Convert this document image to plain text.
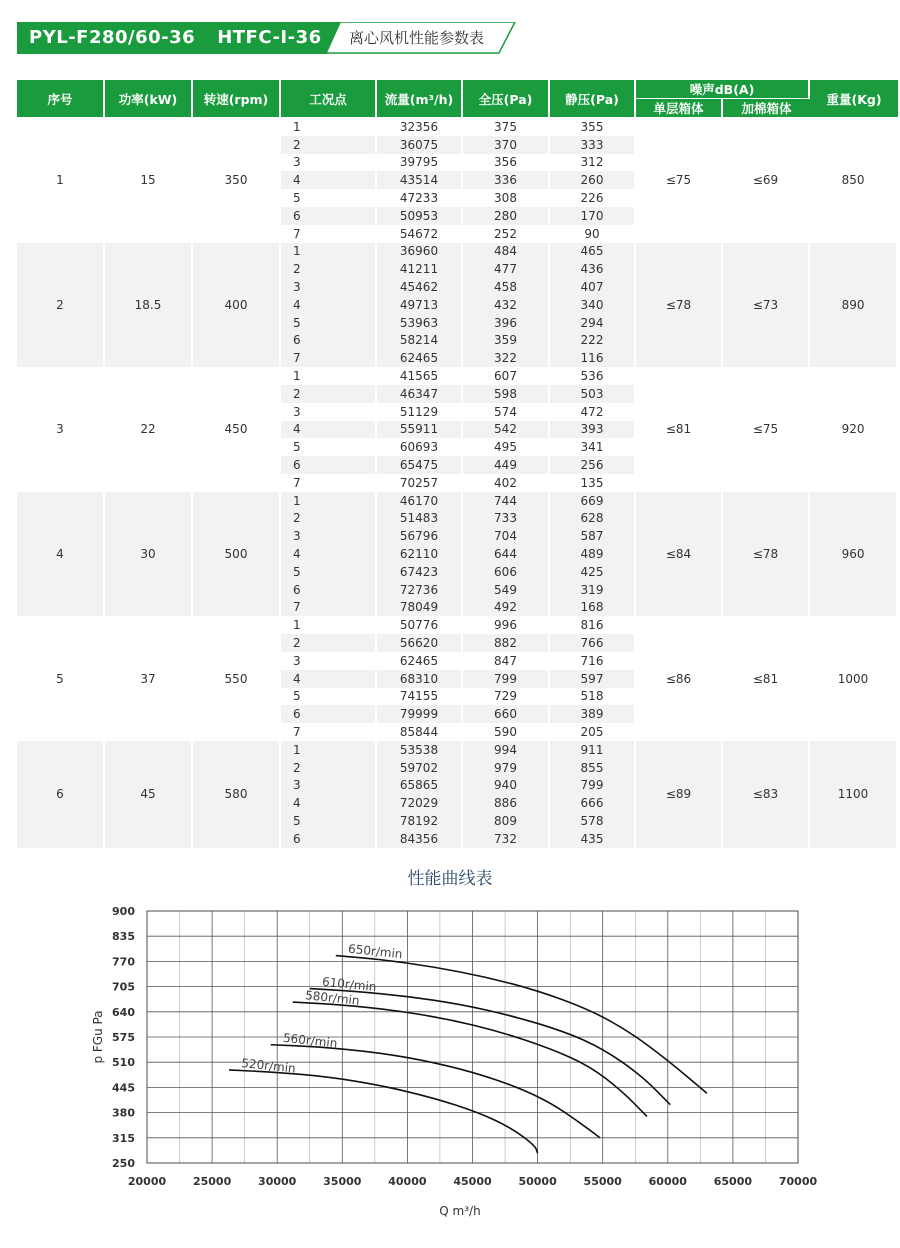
PYL-F280/60-36 HTFC-I-36	离心风机性能参数表
序号	功率(kW)	转速(rpm)	工况点	流量(m³/h)	全压(Pa)	静压(Pa)	噪声dB(A)		重量(Kg)
							单层箱体	加棉箱体	
1	15	350	1	32356	375	355	≤75	≤69	850
			2	36075	370	333			
			3	39795	356	312			
			4	43514	336	260			
			5	47233	308	226			
			6	50953	280	170			
			7	54672	252	90			
2	18.5	400	1	36960	484	465	≤78	≤73	890
			2	41211	477	436			
			3	45462	458	407			
			4	49713	432	340			
			5	53963	396	294			
			6	58214	359	222			
			7	62465	322	116			
3	22	450	1	41565	607	536	≤81	≤75	920
			2	46347	598	503			
			3	51129	574	472			
			4	55911	542	393			
			5	60693	495	341			
			6	65475	449	256			
			7	70257	402	135			
4	30	500	1	46170	744	669	≤84	≤78	960
			2	51483	733	628			
			3	56796	704	587			
			4	62110	644	489			
			5	67423	606	425			
			6	72736	549	319			
			7	78049	492	168			
5	37	550	1	50776	996	816	≤86	≤81	1000
			2	56620	882	766			
			3	62465	847	716			
			4	68310	799	597			
			5	74155	729	518			
			6	79999	660	389			
			7	85844	590	205			
6	45	580	1	53538	994	911	≤89	≤83	1100
			2	59702	979	855			
			3	65865	940	799			
			4	72029	886	666			
			5	78192	809	578			
			6	84356	732	435			
性能曲线表
20000 25000 30000 35000 40000 45000 50000 55000 60000 65000 70000
900
835
770
705
640
575
510
445
380
315
250
Q m³/h
p FGu Pa
650r/min
610r/min
580r/min
560r/min
520r/min
